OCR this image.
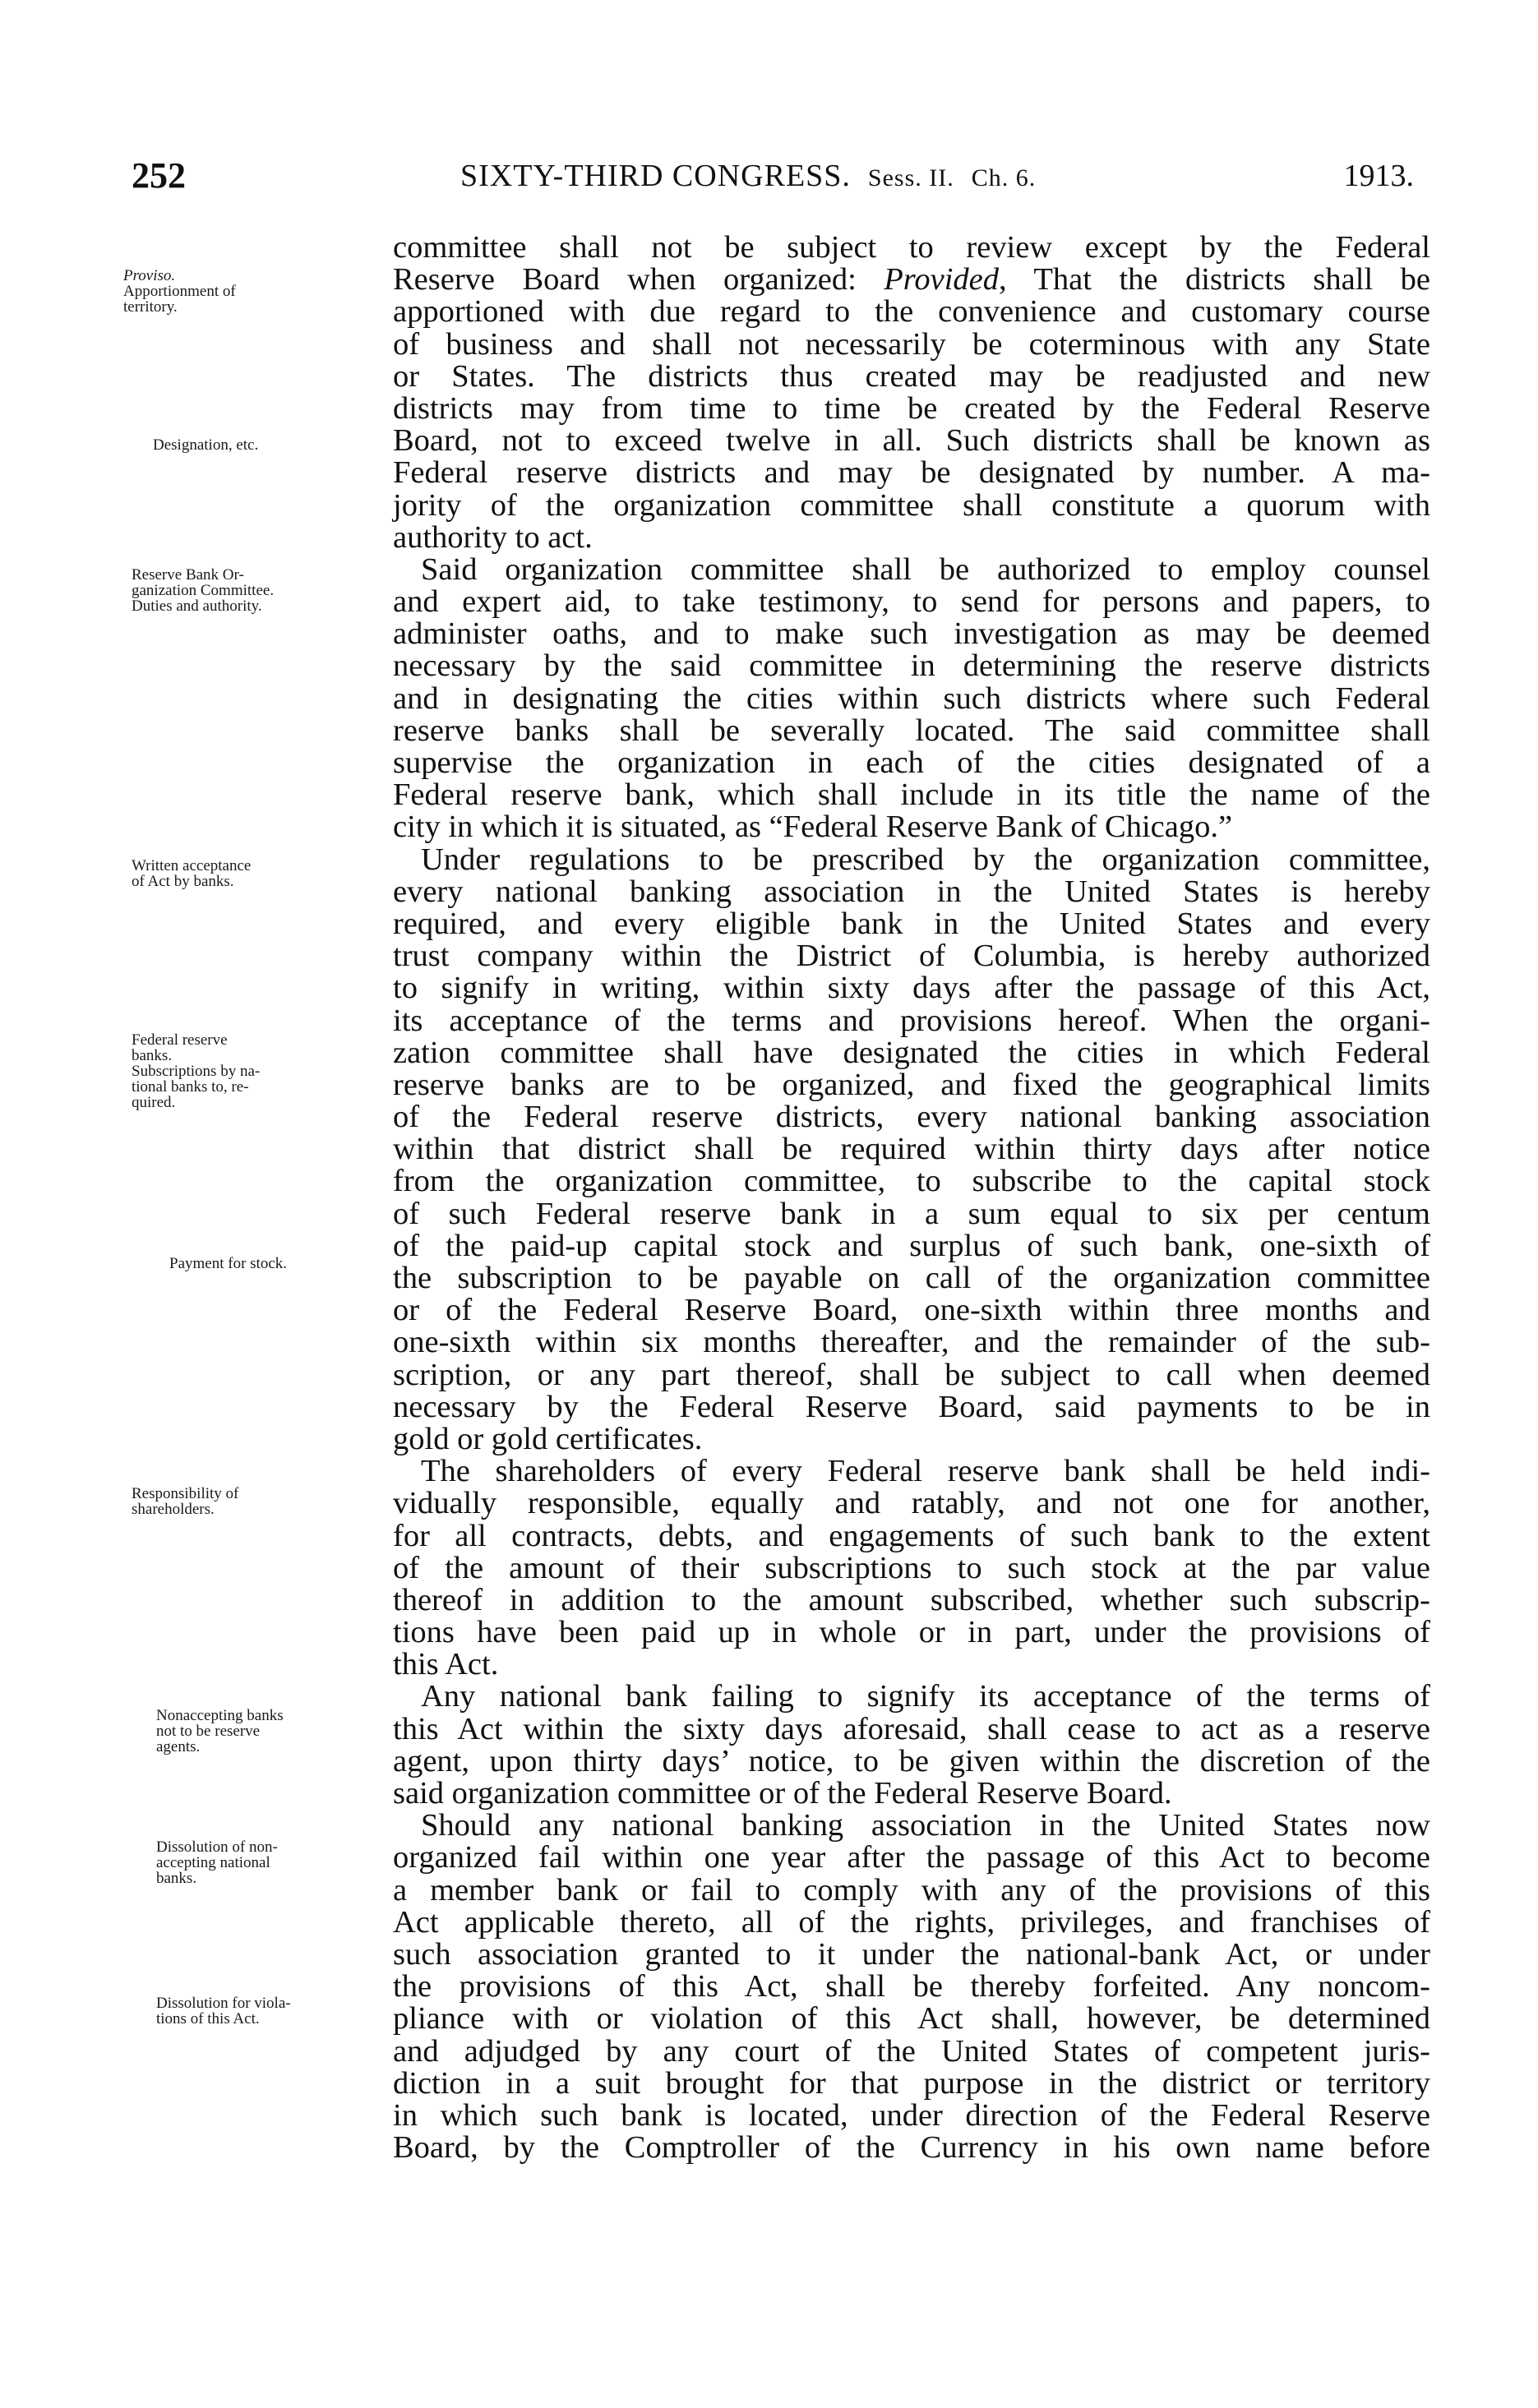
252	SIXTY-THIRD CONGRESS. Sess. II. Ch. 6.	1913.
Proviso.
Apportionment of
territory.
Designation, etc.
Reserve Bank Or-
ganization Committee.
Duties and authority.
Written acceptance
of Act by banks.
Federal reserve
banks.
Subscriptions by na-
tional banks to, re-
quired.
Payment for stock.
Responsibility of
shareholders.
Nonaccepting banks
not to be reserve
agents.
Dissolution of non-
accepting national
banks.
Dissolution for viola-
tions of this Act.
committee shall not be subject to review except by the Federal
Reserve Board when organized: Provided, That the districts shall be
apportioned with due regard to the convenience and customary course
of business and shall not necessarily be coterminous with any State
or States. The districts thus created may be readjusted and new
districts may from time to time be created by the Federal Reserve
Board, not to exceed twelve in all. Such districts shall be known as
Federal reserve districts and may be designated by number. A ma-
jority of the organization committee shall constitute a quorum with
authority to act.
Said organization committee shall be authorized to employ counsel
and expert aid, to take testimony, to send for persons and papers, to
administer oaths, and to make such investigation as may be deemed
necessary by the said committee in determining the reserve districts
and in designating the cities within such districts where such Federal
reserve banks shall be severally located. The said committee shall
supervise the organization in each of the cities designated of a
Federal reserve bank, which shall include in its title the name of the
city in which it is situated, as “Federal Reserve Bank of Chicago.”
Under regulations to be prescribed by the organization committee,
every national banking association in the United States is hereby
required, and every eligible bank in the United States and every
trust company within the District of Columbia, is hereby authorized
to signify in writing, within sixty days after the passage of this Act,
its acceptance of the terms and provisions hereof. When the organi-
zation committee shall have designated the cities in which Federal
reserve banks are to be organized, and fixed the geographical limits
of the Federal reserve districts, every national banking association
within that district shall be required within thirty days after notice
from the organization committee, to subscribe to the capital stock
of such Federal reserve bank in a sum equal to six per centum
of the paid-up capital stock and surplus of such bank, one-sixth of
the subscription to be payable on call of the organization committee
or of the Federal Reserve Board, one-sixth within three months and
one-sixth within six months thereafter, and the remainder of the sub-
scription, or any part thereof, shall be subject to call when deemed
necessary by the Federal Reserve Board, said payments to be in
gold or gold certificates.
The shareholders of every Federal reserve bank shall be held indi-
vidually responsible, equally and ratably, and not one for another,
for all contracts, debts, and engagements of such bank to the extent
of the amount of their subscriptions to such stock at the par value
thereof in addition to the amount subscribed, whether such subscrip-
tions have been paid up in whole or in part, under the provisions of
this Act.
Any national bank failing to signify its acceptance of the terms of
this Act within the sixty days aforesaid, shall cease to act as a reserve
agent, upon thirty days’ notice, to be given within the discretion of the
said organization committee or of the Federal Reserve Board.
Should any national banking association in the United States now
organized fail within one year after the passage of this Act to become
a member bank or fail to comply with any of the provisions of this
Act applicable thereto, all of the rights, privileges, and franchises of
such association granted to it under the national-bank Act, or under
the provisions of this Act, shall be thereby forfeited. Any noncom-
pliance with or violation of this Act shall, however, be determined
and adjudged by any court of the United States of competent juris-
diction in a suit brought for that purpose in the district or territory
in which such bank is located, under direction of the Federal Reserve
Board, by the Comptroller of the Currency in his own name before
